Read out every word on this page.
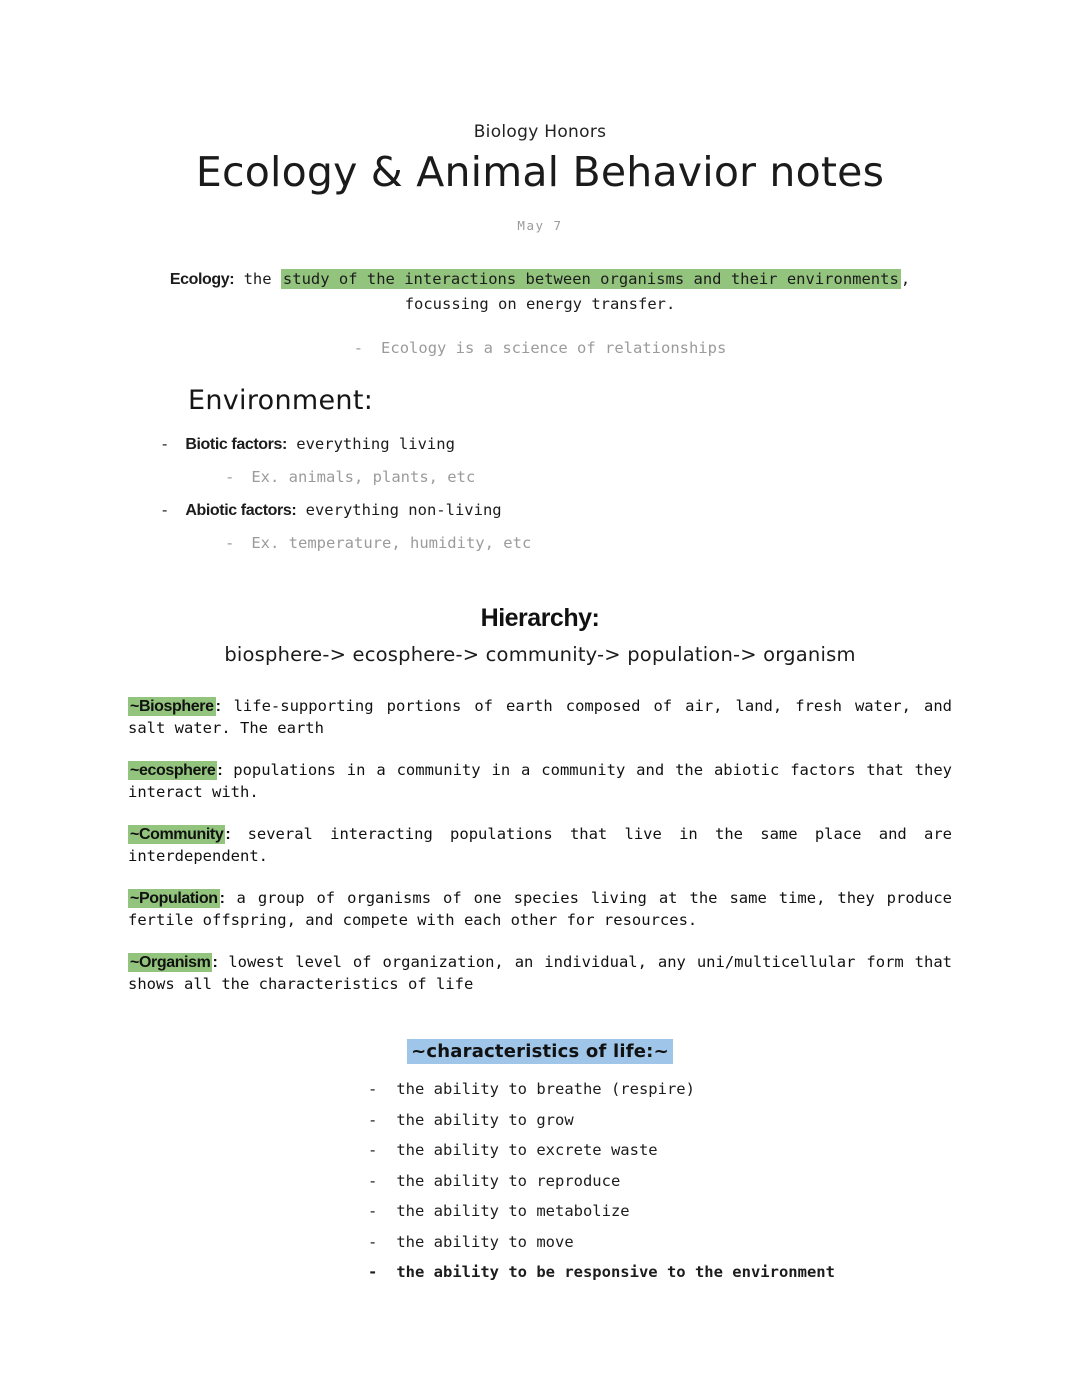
Biology Honors
Ecology & Animal Behavior notes
May 7

Ecology: the study of the interactions between organisms and their environments ,
focussing on energy transfer.

- Ecology is a science of relationships
Environment:
- Biotic factors: everything living
- Ex. animals, plants, etc
- Abiotic factors: everything non-living
- Ex. temperature, humidity, etc
Hierarchy:
biosphere-> ecosphere-> community-> population-> organism

~Biosphere : life-supporting portions of earth composed of air, land, fresh water, and salt water. The earth

~ecosphere : populations in a community in a community and the abiotic factors that they interact with.

~Community : several interacting populations that live in the same place and are interdependent.

~Population : a group of organisms of one species living at the same time, they produce fertile offspring, and compete with each other for resources.

~Organism : lowest level of organization, an individual, any uni/multicellular form that shows all the characteristics of life

~characteristics of life:~
- the ability to breathe (respire)
- the ability to grow
- the ability to excrete waste
- the ability to reproduce
- the ability to metabolize
- the ability to move
- the ability to be responsive to the environment
